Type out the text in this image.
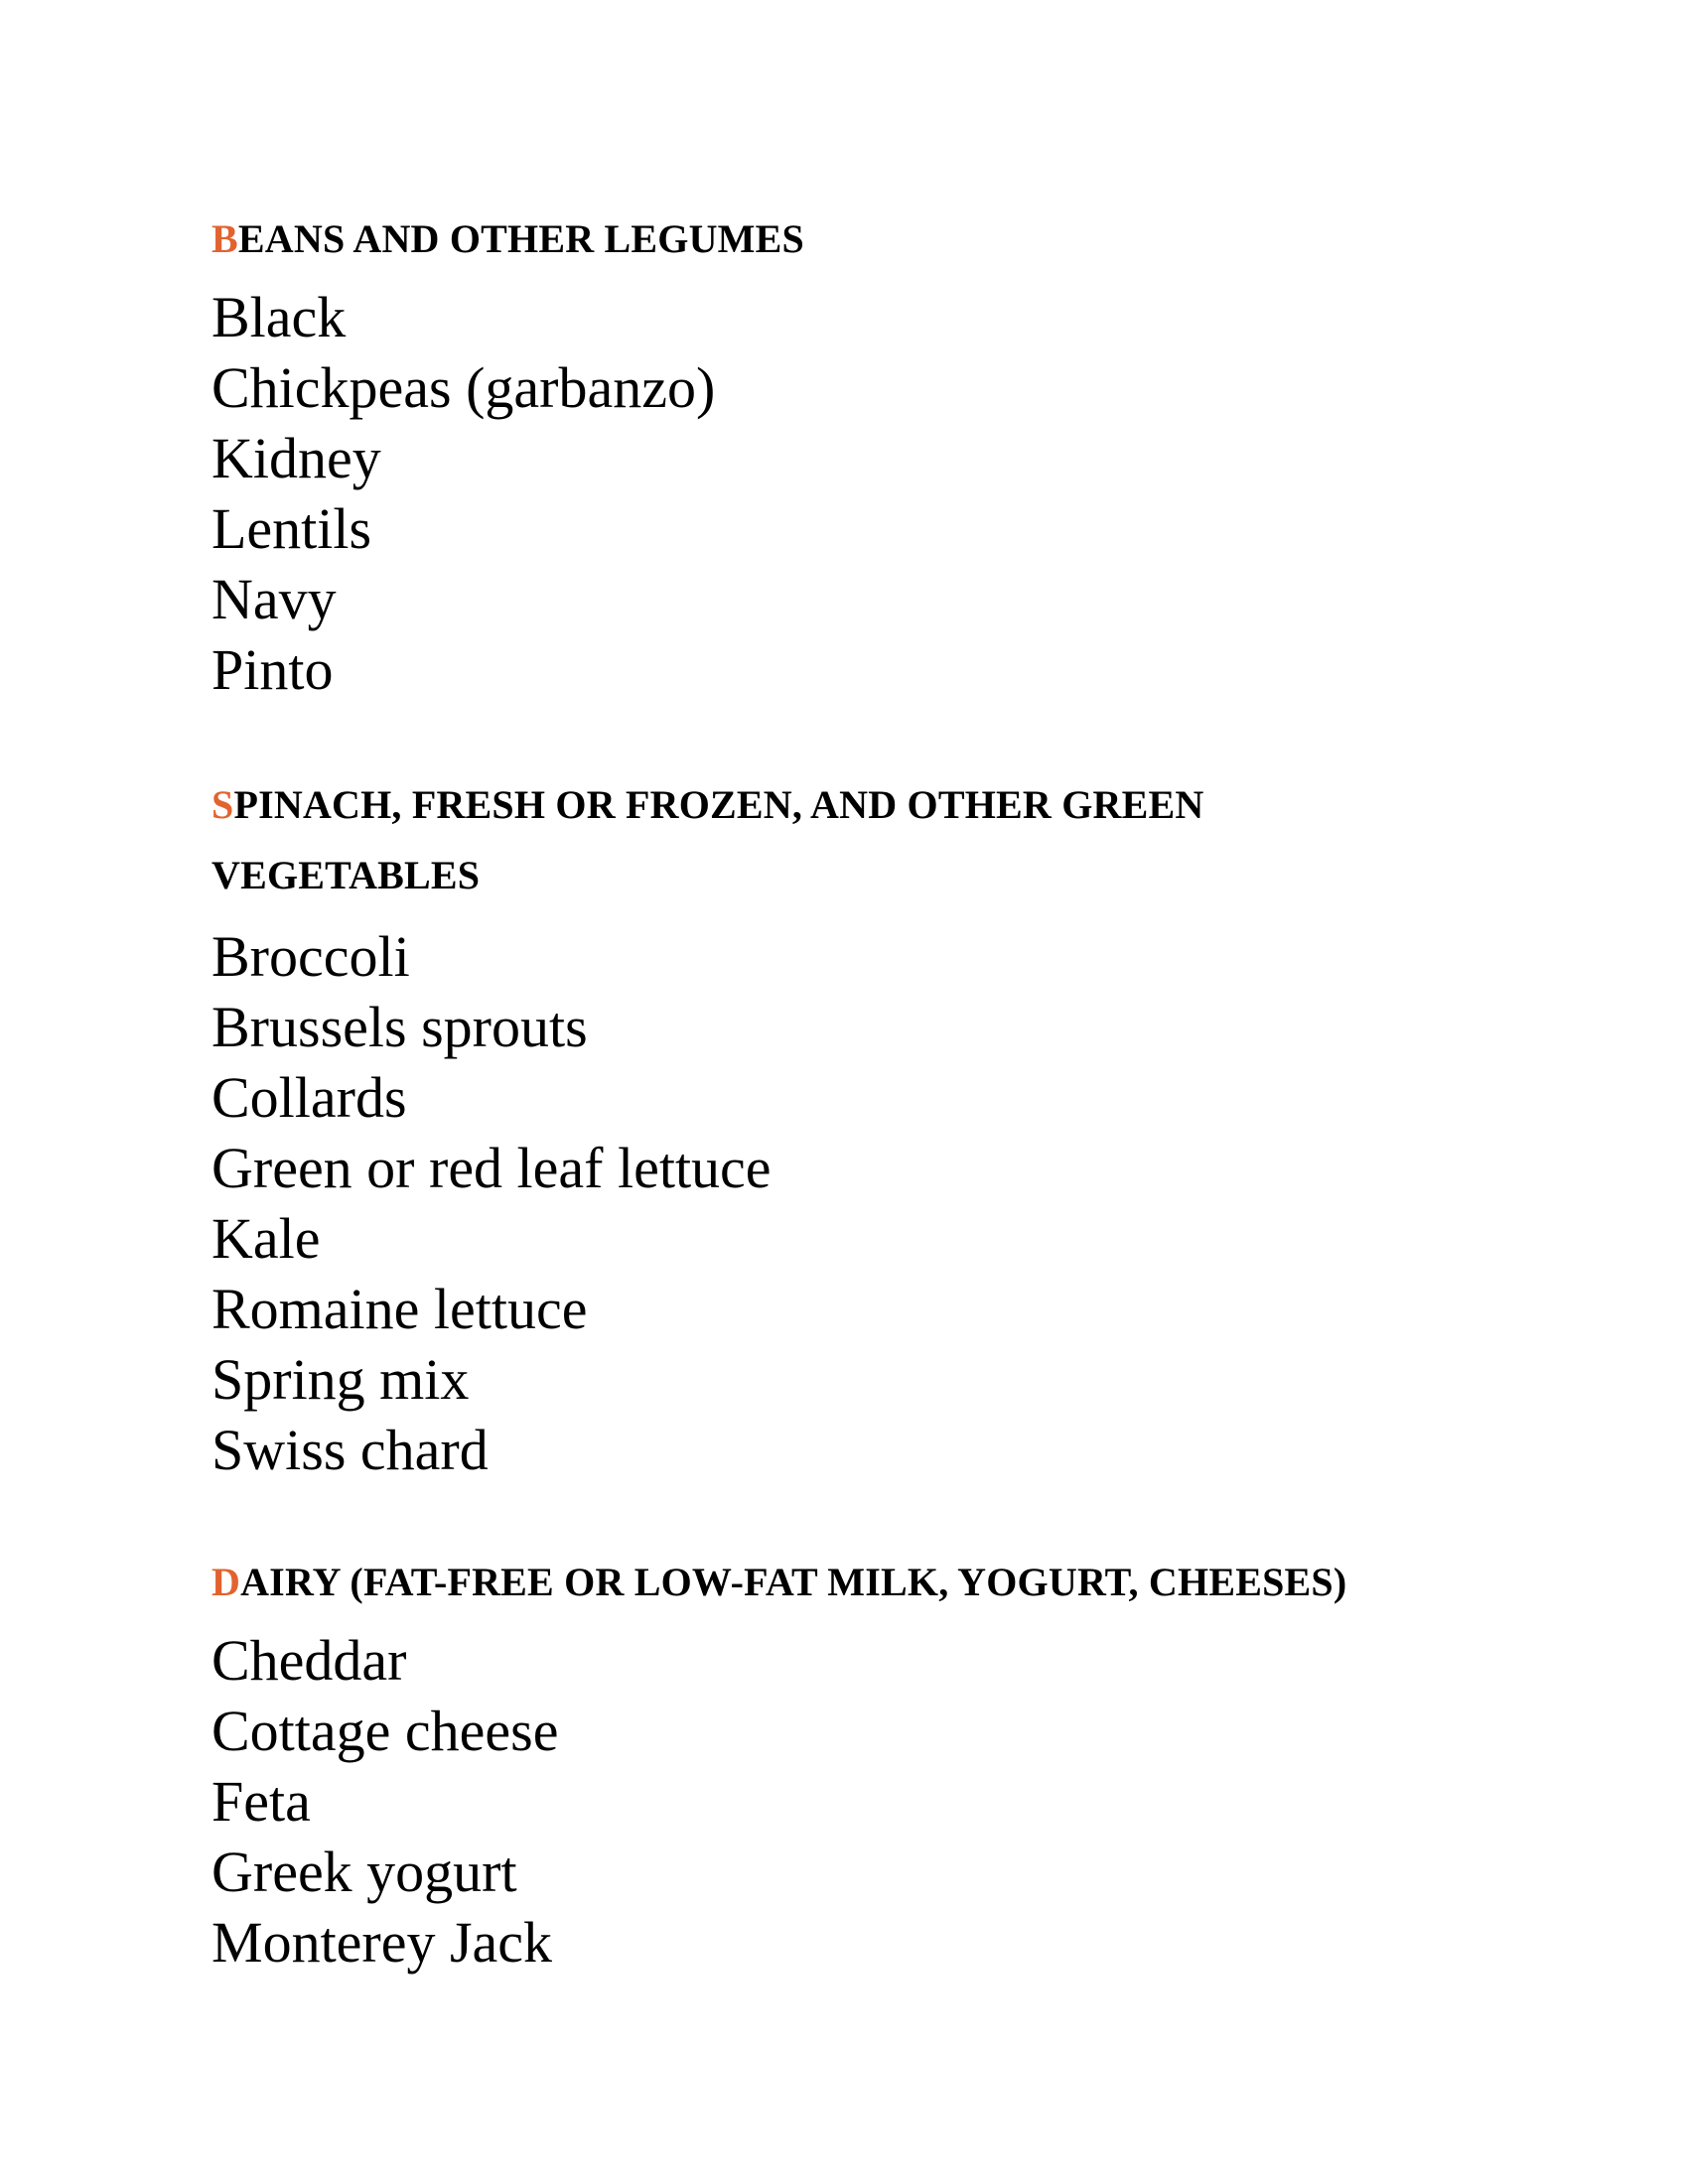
BEANS AND OTHER LEGUMES
Black
Chickpeas (garbanzo)
Kidney
Lentils
Navy
Pinto
SPINACH, FRESH OR FROZEN, AND OTHER GREEN VEGETABLES
Broccoli
Brussels sprouts
Collards
Green or red leaf lettuce
Kale
Romaine lettuce
Spring mix
Swiss chard
DAIRY (FAT-FREE OR LOW-FAT MILK, YOGURT, CHEESES)
Cheddar
Cottage cheese
Feta
Greek yogurt
Monterey Jack
